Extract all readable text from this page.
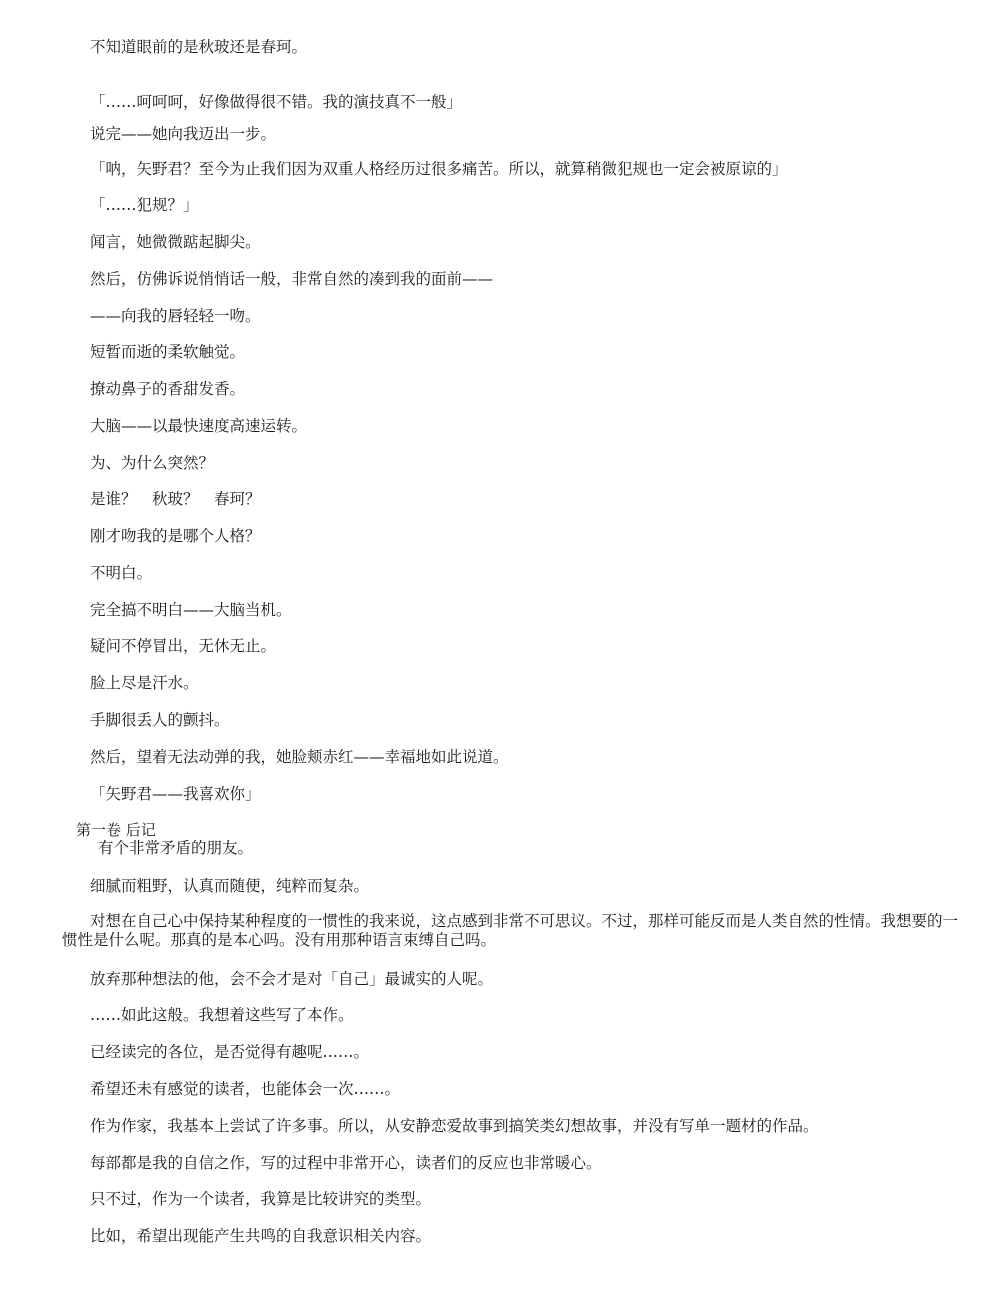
不知道眼前的是秋玻还是春珂。

「……呵呵呵，好像做得很不错。我的演技真不一般」

说完——她向我迈出一步。

「呐，矢野君？至今为止我们因为双重人格经历过很多痛苦。所以，就算稍微犯规也一定会被原谅的」

「……犯规？」

闻言，她微微踮起脚尖。

然后，仿佛诉说悄悄话一般，非常自然的凑到我的面前——

——向我的唇轻轻一吻。

短暂而逝的柔软触觉。

撩动鼻子的香甜发香。

大脑——以最快速度高速运转。

为、为什么突然？

是谁？　秋玻？　春珂？

刚才吻我的是哪个人格？

不明白。

完全搞不明白——大脑当机。

疑问不停冒出，无休无止。

脸上尽是汗水。

手脚很丢人的颤抖。

然后，望着无法动弹的我，她脸颊赤红——幸福地如此说道。

「矢野君——我喜欢你」

第一卷 后记

有个非常矛盾的朋友。

细腻而粗野，认真而随便，纯粹而复杂。

对想在自己心中保持某种程度的一惯性的我来说，这点感到非常不可思议。不过，那样可能反而是人类自然的性情。我想要的一惯性是什么呢。那真的是本心吗。没有用那种语言束缚自己吗。

放弃那种想法的他，会不会才是对「自己」最诚实的人呢。

……如此这般。我想着这些写了本作。

已经读完的各位，是否觉得有趣呢……。

希望还未有感觉的读者，也能体会一次……。

作为作家，我基本上尝试了许多事。所以，从安静恋爱故事到搞笑类幻想故事，并没有写单一题材的作品。

每部都是我的自信之作，写的过程中非常开心，读者们的反应也非常暖心。

只不过，作为一个读者，我算是比较讲究的类型。

比如，希望出现能产生共鸣的自我意识相关内容。
